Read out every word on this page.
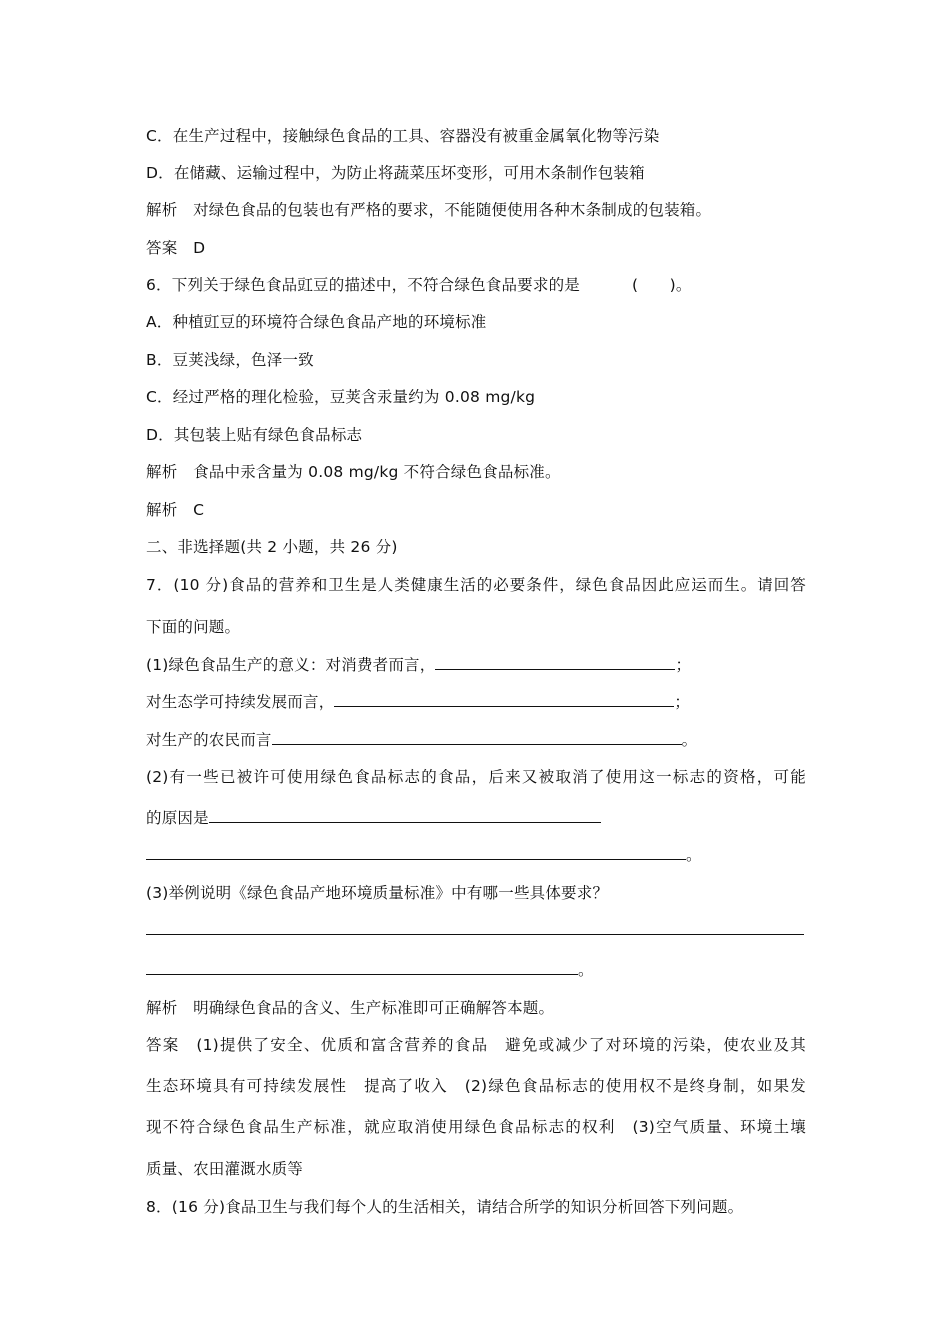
C．在生产过程中，接触绿色食品的工具、容器没有被重金属氧化物等污染
D．在储藏、运输过程中，为防止将蔬菜压坏变形，可用木条制作包装箱
解析　对绿色食品的包装也有严格的要求，不能随便使用各种木条制成的包装箱。
答案　D
6．下列关于绿色食品豇豆的描述中，不符合绿色食品要求的是	(　　)。
A．种植豇豆的环境符合绿色食品产地的环境标准
B．豆荚浅绿，色泽一致
C．经过严格的理化检验，豆荚含汞量约为 0.08 mg/kg
D．其包装上贴有绿色食品标志
解析　食品中汞含量为 0.08 mg/kg 不符合绿色食品标准。
解析　C
二、非选择题(共 2 小题，共 26 分)
7．(10 分)食品的营养和卫生是人类健康生活的必要条件，绿色食品因此应运而生。请回答
下面的问题。
(1)绿色食品生产的意义：对消费者而言，	；
对生态学可持续发展而言，	；
对生产的农民而言	。
(2)有一些已被许可使用绿色食品标志的食品，后来又被取消了使用这一标志的资格，可能
的原因是
。
(3)举例说明《绿色食品产地环境质量标准》中有哪一些具体要求？
。
解析　明确绿色食品的含义、生产标准即可正确解答本题。
答案　(1)提供了安全、优质和富含营养的食品　避免或减少了对环境的污染，使农业及其
生态环境具有可持续发展性　提高了收入　(2)绿色食品标志的使用权不是终身制，如果发
现不符合绿色食品生产标准，就应取消使用绿色食品标志的权利　(3)空气质量、环境土壤
质量、农田灌溉水质等
8．(16 分)食品卫生与我们每个人的生活相关，请结合所学的知识分析回答下列问题。
